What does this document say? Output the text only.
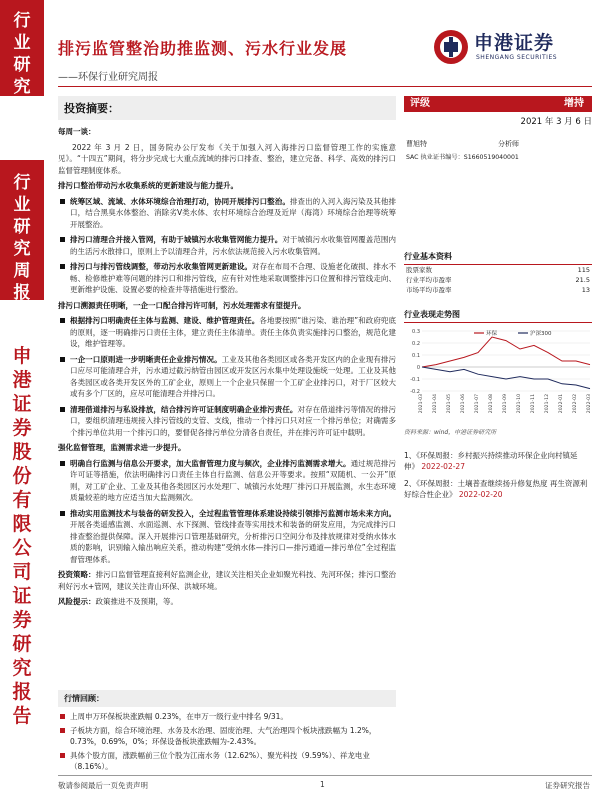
行业研究
行业研究周报
申港证券股份有限公司证券研究报告
排污监管整治助推监测、污水行业发展
——环保行业研究周报
申港证券
SHENGANG SECURITIES
投资摘要：
每周一谈：
2022 年 3 月 2 日，国务院办公厅发布《关于加强入河入海排污口监督管理工作的实施意见》。“十四五”期间，将分步完成七大重点流域的排污口排查、整治，建立完备、科学、高效的排污口监督管理制度体系。
排污口整治带动污水收集系统的更新建设与能力提升。
统筹区域、流域、水体环境综合治理打动，协同开展排污口整治。排查出的入河入海污染及其他排口，结合黑臭水体整治、消除劣Ⅴ类水体、农村环境综合治理及近岸（海湾）环境综合治理等统筹开展整治。
排污口清理合并接入管网，有助于城镇污水收集管网能力提升。对于城镇污水收集管网覆盖范围内的生活污水散排口，原则上予以清理合并，污水依法规范接入污水收集管网。
排污口与排污管线调整，带动污水收集管网更新建设。对存在布局不合理、设施老化破损、排水不畅、检修维护难等问题的排污口和排污管线，应有针对性地采取调整排污口位置和排污管线走向、更新维护设施、设置必要的检查井等措施进行整治。
排污口溯源责任明晰，一企一口配合排污许可制，污水处理需求有望提升。
根据排污口明确责任主体与监测、建设、维护管理责任。各地要按照“谁污染、谁治理”和政府兜底的原则，逐一明确排污口责任主体，建立责任主体清单。责任主体负责实施排污口整治，规范化建设，维护管理等。
一企一口原则进一步明晰责任企业排污情况。工业及其他各类园区或各类开发区内的企业现有排污口应尽可能清理合并，污水通过截污纳管由园区或开发区污水集中处理设施统一处理。工业及其他各类园区或各类开发区外的工矿企业，原则上一个企业只保留一个工矿企业排污口，对于厂区较大或有多个厂区的，应尽可能清理合并排污口。
清理借道排污与私设排放，结合排污许可证制度明确企业排污责任。对存在借道排污等情况的排污口，要组织清理违规接入排污管线的支管、支线，推动一个排污口只对应一个排污单位；对确需多个排污单位共用一个排污口的，要督促各排污单位分清各自责任，并在排污许可证中载明。
强化监督管理，监测需求进一步提升。
明确自行监测与信息公开要求，加大监督管理力度与频次，企业排污监测需求增大。通过规范排污许可证等措施，依法明确排污口责任主体自行监测、信息公开等要求。按照“双随机、一公开”原则，对工矿企业、工业及其他各类园区污水处理厂、城镇污水处理厂排污口开展监测，水生态环境质量较差的地方应适当加大监测频次。
推动实用监测技术与装备的研发投入，全过程监管管理体系建设持续引领排污监测市场未来方向。开展各类遥感监测、水面巡测、水下探测、管线排查等实用技术和装备的研发应用，为完成排污口排查整治提供保障。深入开展排污口管理基础研究，分析排污口空间分布及排放规律对受纳水体水质的影响，识别输入输出响应关系，推动构建“受纳水体—排污口—排污通道—排污单位”全过程监督管理体系。
投资策略：排污口监督管理直接利好监测企业，建议关注相关企业如聚光科技、先河环保；排污口整治利好污水+管网，建议关注青山环保、洪城环境。
风险提示：政策推进不及预期，等。
行情回顾：
上周申万环保板块涨跌幅 0.23%，在申万一级行业中排名 9/31。
子板块方面，综合环境治理、水务及水治理、固废治理、大气治理四个板块涨跌幅为 1.2%，0.73%，0.69%，0%；环保设备板块涨跌幅为-2.43%。
具体个股方面，涨跌幅前三位个股为江南水务（12.62%）、聚光科技（9.59%）、祥龙电业（8.16%）。
评级	增持
2021 年 3 月 6 日
曹旭特	分析师
SAC 执业证书编号：S1660519040001
行业基本资料
股票家数	115
行业平均市盈率	21.5
市场平均市盈率	13
行业表现走势图
-0.2
-0.1
0
0.1
0.2
0.3
2021-03 2021-04 2021-05 2021-06 2021-07 2021-08 2021-09 2021-10 2021-11 2021-12 2022-01 2022-02 2022-03
环保	沪深300
资料来源：wind，申港证券研究所
1、《环保周报：乡村振兴持续推动环保企业向村镇延伸》 2022-02-27
2、《环保周报：土壤普查继续扬升修复热度 再生资源利好综合性企业》 2022-02-20
敬请参阅最后一页免责声明	1	证券研究报告
